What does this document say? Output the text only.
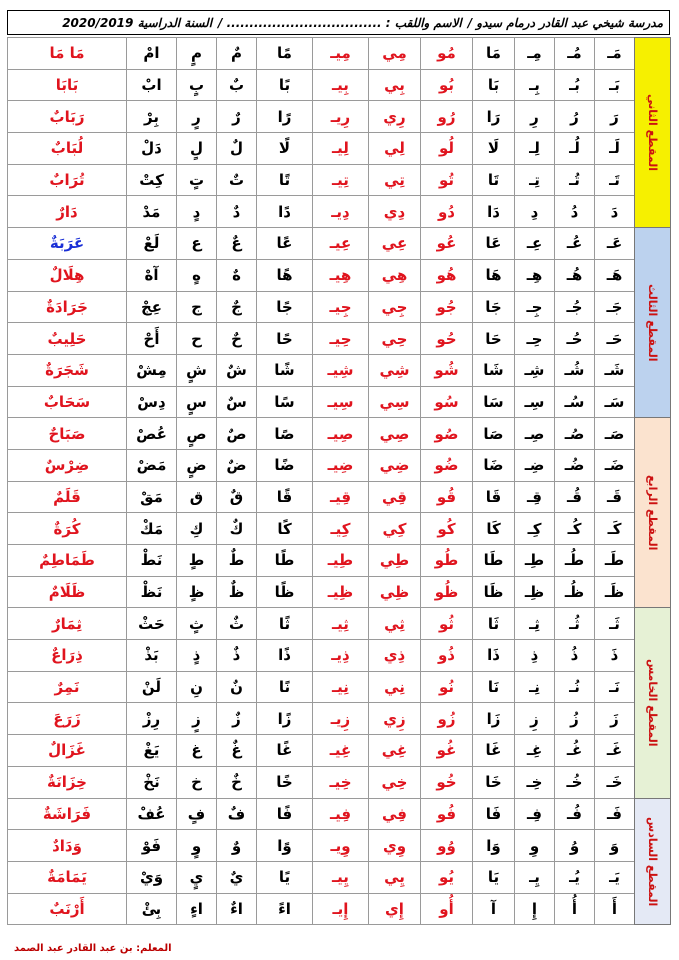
مدرسة شيخي عبد القادر درمام سيدو /
الاسم واللقب : .................................. /
السنة الدراسية 2020/2019
المقطع الثاني	مَـ	مُـ	مِـ	مَا	مُو	مِي	مِيـ	مًا	مٌ	مٍ	امْ	مَا مَا
	بَـ	بُـ	بِـ	بَا	بُو	بِي	بِيـ	بًا	بٌ	بٍ	ابْ	بَابَا
	رَ	رُ	رِ	رَا	رُو	رِي	رِيـ	رًا	رٌ	رٍ	بِرْ	رَبَابٌ
	لَـ	لُـ	لِـ	لَا	لُو	لِي	لِيـ	لًا	لٌ	لٍ	دَلْ	لُبَابٌ
	تَـ	تُـ	تِـ	تَا	تُو	تِي	تِيـ	تًا	تٌ	تٍ	كِتْ	تُرَابٌ
	دَ	دُ	دِ	دَا	دُو	دِي	دِيـ	دًا	دٌ	دٍ	مَدْ	دَارٌ
المقطع الثالث	عَـ	عُـ	عِـ	عَا	عُو	عِي	عِيـ	عًا	عٌ	ع	لَعْ	عَرَبَةٌ
	هَـ	هُـ	هِـ	هَا	هُو	هِي	هِيـ	هًا	هٌ	هٍ	آهْ	هِلَالٌ
	جَـ	جُـ	جِـ	جَا	جُو	جِي	جِيـ	جًا	جٌ	ج	عِجْ	جَرَادَةٌ
	حَـ	حُـ	حِـ	حَا	حُو	حِي	حِيـ	حًا	حٌ	ح	أَحْ	حَلِيبٌ
	شَـ	شُـ	شِـ	شَا	شُو	شِي	شِيـ	شًا	شٌ	شٍ	مِشْ	شَجَرَةٌ
	سَـ	سُـ	سِـ	سَا	سُو	سِي	سِيـ	سًا	سٌ	سٍ	دِسْ	سَحَابٌ
المقطع الرابع	صَـ	صُـ	صِـ	صَا	صُو	صِي	صِيـ	صًا	صٌ	صٍ	عُصْ	صَبَاحٌ
	ضَـ	ضُـ	ضِـ	ضَا	ضُو	ضِي	ضِيـ	ضًا	ضٌ	ضٍ	مَضْ	ضِرْسٌ
	قَـ	قُـ	قِـ	قَا	قُو	قِي	قِيـ	قًا	قٌ	ق	مَقْ	قَلَمٌ
	كَـ	كُـ	كِـ	كَا	كُو	كِي	كِيـ	كًا	كٌ	كِ	مَكْ	كُرَةٌ
	طَـ	طُـ	طِـ	طَا	طُو	طِي	طِيـ	طًا	طٌ	طٍ	نَطْ	طَمَاطِمٌ
	ظَـ	ظُـ	ظِـ	ظَا	ظُو	ظِي	ظِيـ	ظًا	ظٌ	ظٍ	نَظْ	ظَلَامٌ
المقطع الخامس	ثَـ	ثُـ	ثِـ	ثَا	ثُو	ثِي	ثِيـ	ثًا	ثٌ	ثٍ	حَثْ	ثِمَارٌ
	ذَ	ذُ	ذِ	ذَا	ذُو	ذِي	ذِيـ	ذًا	ذٌ	ذٍ	بَذْ	ذِرَاعٌ
	نَـ	نُـ	نِـ	نَا	نُو	نِي	نِيـ	نًا	نٌ	نِ	لَنْ	نَمِرٌ
	زَ	زُ	زِ	زَا	زُو	زِي	زِيـ	زًا	زٌ	زٍ	رِزْ	زَرَعَ
	غَـ	غُـ	غِـ	غَا	غُو	غِي	غِيـ	غًا	غٌ	غ	يَغْ	غَزَالٌ
	خَـ	خُـ	خِـ	خَا	خُو	خِي	خِيـ	خًا	خٌ	خ	نَخْ	خِزَانَةٌ
المقطع السادس	فَـ	فُـ	فِـ	فَا	فُو	فِي	فِيـ	فًا	فٌ	فٍ	عُفْ	فَرَاشَةٌ
	وَ	وُ	وِ	وَا	وُو	وِي	وِيـ	وًا	وٌ	وٍ	فَوْ	وَدَادٌ
	يَـ	يُـ	يِـ	يَا	يُو	يِي	يِيـ	يًا	يٌ	يٍ	وَيْ	يَمَامَةٌ
	أَ	أُ	إِ	آ	أُو	إِي	إِيـ	اءً	اءٌ	اءٍ	بِئْ	أَرْنَبٌ
المعلم: بن عبد القادر عبد الصمد
